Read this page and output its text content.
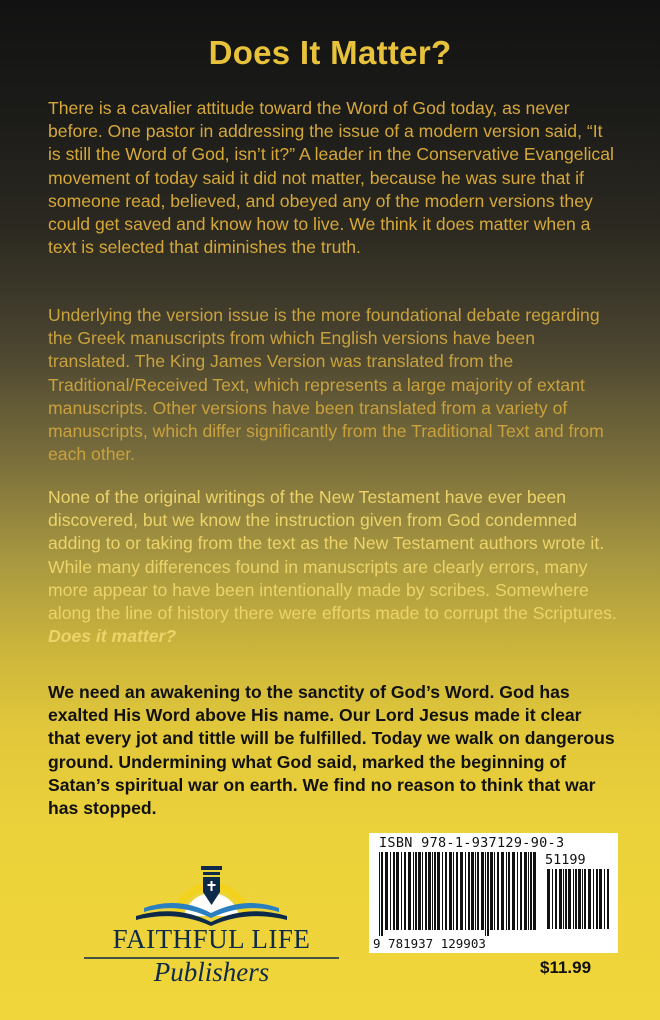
Does It Matter?

There is a cavalier attitude toward the Word of God today, as never before. One pastor in addressing the issue of a modern version said, “It is still the Word of God, isn’t it?” A leader in the Conservative Evangelical movement of today said it did not matter, because he was sure that if someone read, believed, and obeyed any of the modern versions they could get saved and know how to live. We think it does matter when a text is selected that diminishes the truth.

Underlying the version issue is the more foundational debate regarding the Greek manuscripts from which English versions have been translated. The King James Version was translated from the Traditional/Received Text, which represents a large majority of extant manuscripts. Other versions have been translated from a variety of manuscripts, which differ significantly from the Traditional Text and from each other.

None of the original writings of the New Testament have ever been discovered, but we know the instruction given from God condemned adding to or taking from the text as the New Testament authors wrote it. While many differences found in manuscripts are clearly errors, many more appear to have been intentionally made by scribes. Somewhere along the line of history there were efforts made to corrupt the Scriptures.
Does it matter?

We need an awakening to the sanctity of God’s Word. God has exalted His Word above His name. Our Lord Jesus made it clear that every jot and tittle will be fulfilled. Today we walk on dangerous ground. Undermining what God said, marked the beginning of Satan’s spiritual war on earth. We find no reason to think that war has stopped.

FAITHFUL LIFE

Publishers

ISBN 978-1-937129-90-3
51199
9 781937 129903

$11.99
